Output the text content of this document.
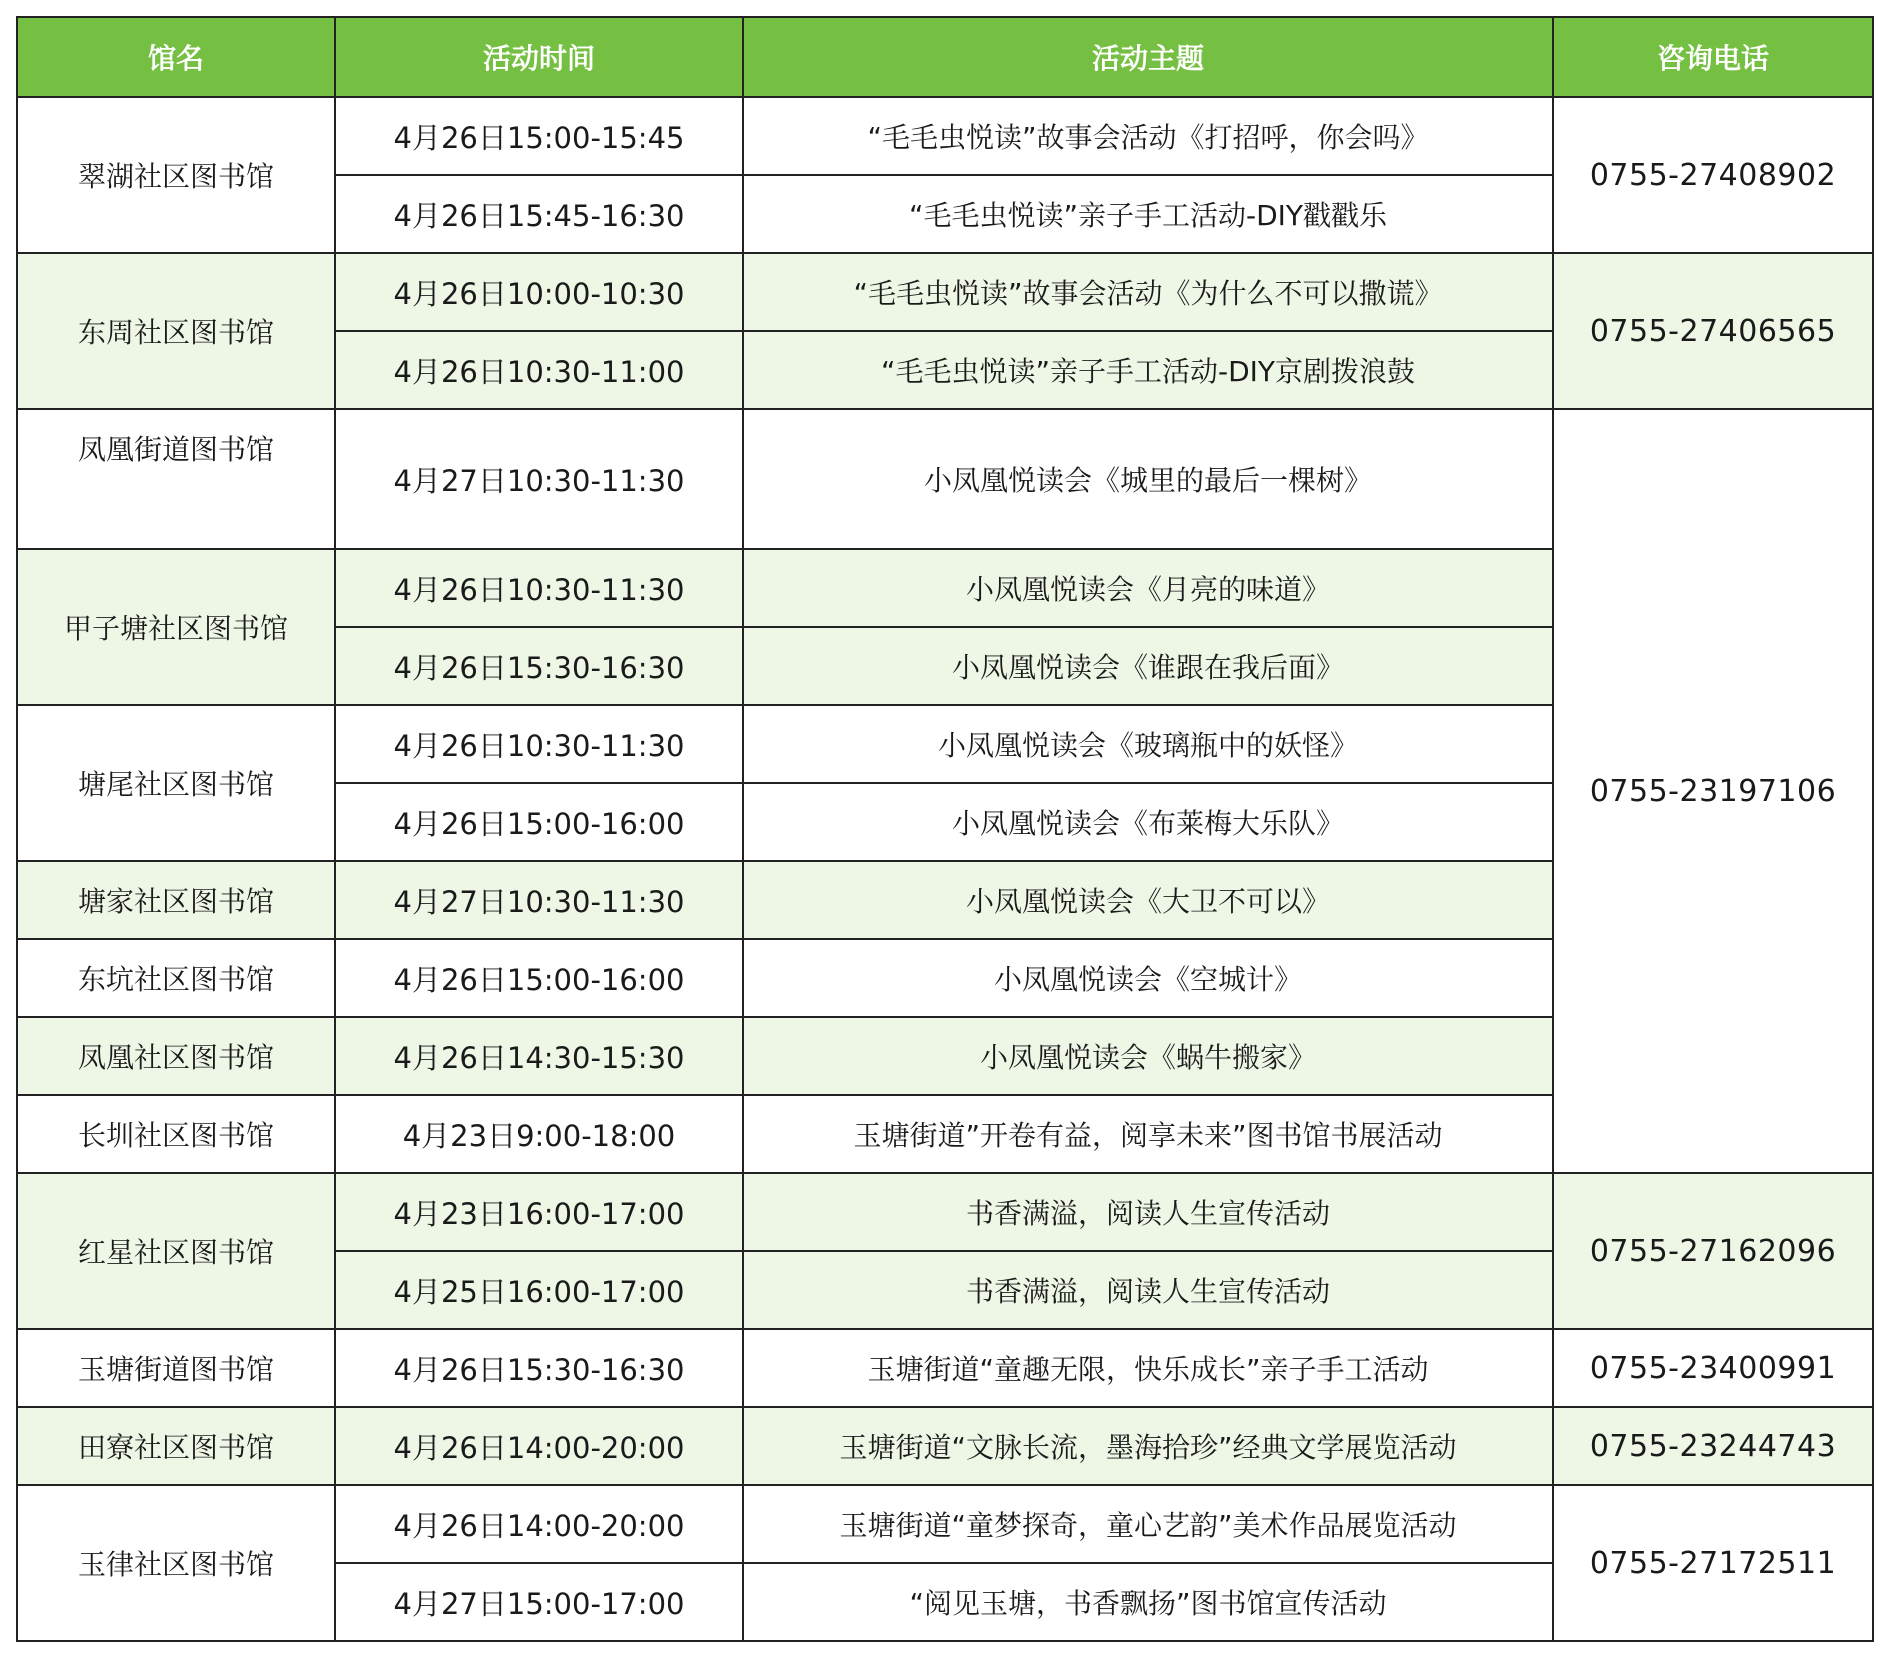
馆名	活动时间	活动主题	咨询电话	
翠湖社区图书馆	4月26日15:00-15:45	“毛毛虫悦读”故事会活动《打招呼，你会吗》	0755-27408902	
	4月26日15:45-16:30	“毛毛虫悦读”亲子手工活动-DIY戳戳乐		
东周社区图书馆	4月26日10:00-10:30	“毛毛虫悦读”故事会活动《为什么不可以撒谎》	0755-27406565	
	4月26日10:30-11:00	“毛毛虫悦读”亲子手工活动-DIY京剧拨浪鼓		
凤凰街道图书馆	4月27日10:30-11:30	小凤凰悦读会《城里的最后一棵树》	0755-23197106	
甲子塘社区图书馆	4月26日10:30-11:30	小凤凰悦读会《月亮的味道》		
	4月26日15:30-16:30	小凤凰悦读会《谁跟在我后面》		
塘尾社区图书馆	4月26日10:30-11:30	小凤凰悦读会《玻璃瓶中的妖怪》		
	4月26日15:00-16:00	小凤凰悦读会《布莱梅大乐队》		
塘家社区图书馆	4月27日10:30-11:30	小凤凰悦读会《大卫不可以》		
东坑社区图书馆	4月26日15:00-16:00	小凤凰悦读会《空城计》		
凤凰社区图书馆	4月26日14:30-15:30	小凤凰悦读会《蜗牛搬家》		
长圳社区图书馆	4月23日9:00-18:00	玉塘街道”开卷有益，阅享未来”图书馆书展活动	
红星社区图书馆	4月23日16:00-17:00	书香满溢，阅读人生宣传活动	0755-27162096	
	4月25日16:00-17:00	书香满溢，阅读人生宣传活动		
玉塘街道图书馆	4月26日15:30-16:30	玉塘街道“童趣无限，快乐成长”亲子手工活动	0755-23400991	
田寮社区图书馆	4月26日14:00-20:00	玉塘街道“文脉长流，墨海拾珍”经典文学展览活动	0755-23244743	
玉律社区图书馆	4月26日14:00-20:00	玉塘街道“童梦探奇，童心艺韵”美术作品展览活动	0755-27172511	
	4月27日15:00-17:00	“阅见玉塘，书香飘扬”图书馆宣传活动		
